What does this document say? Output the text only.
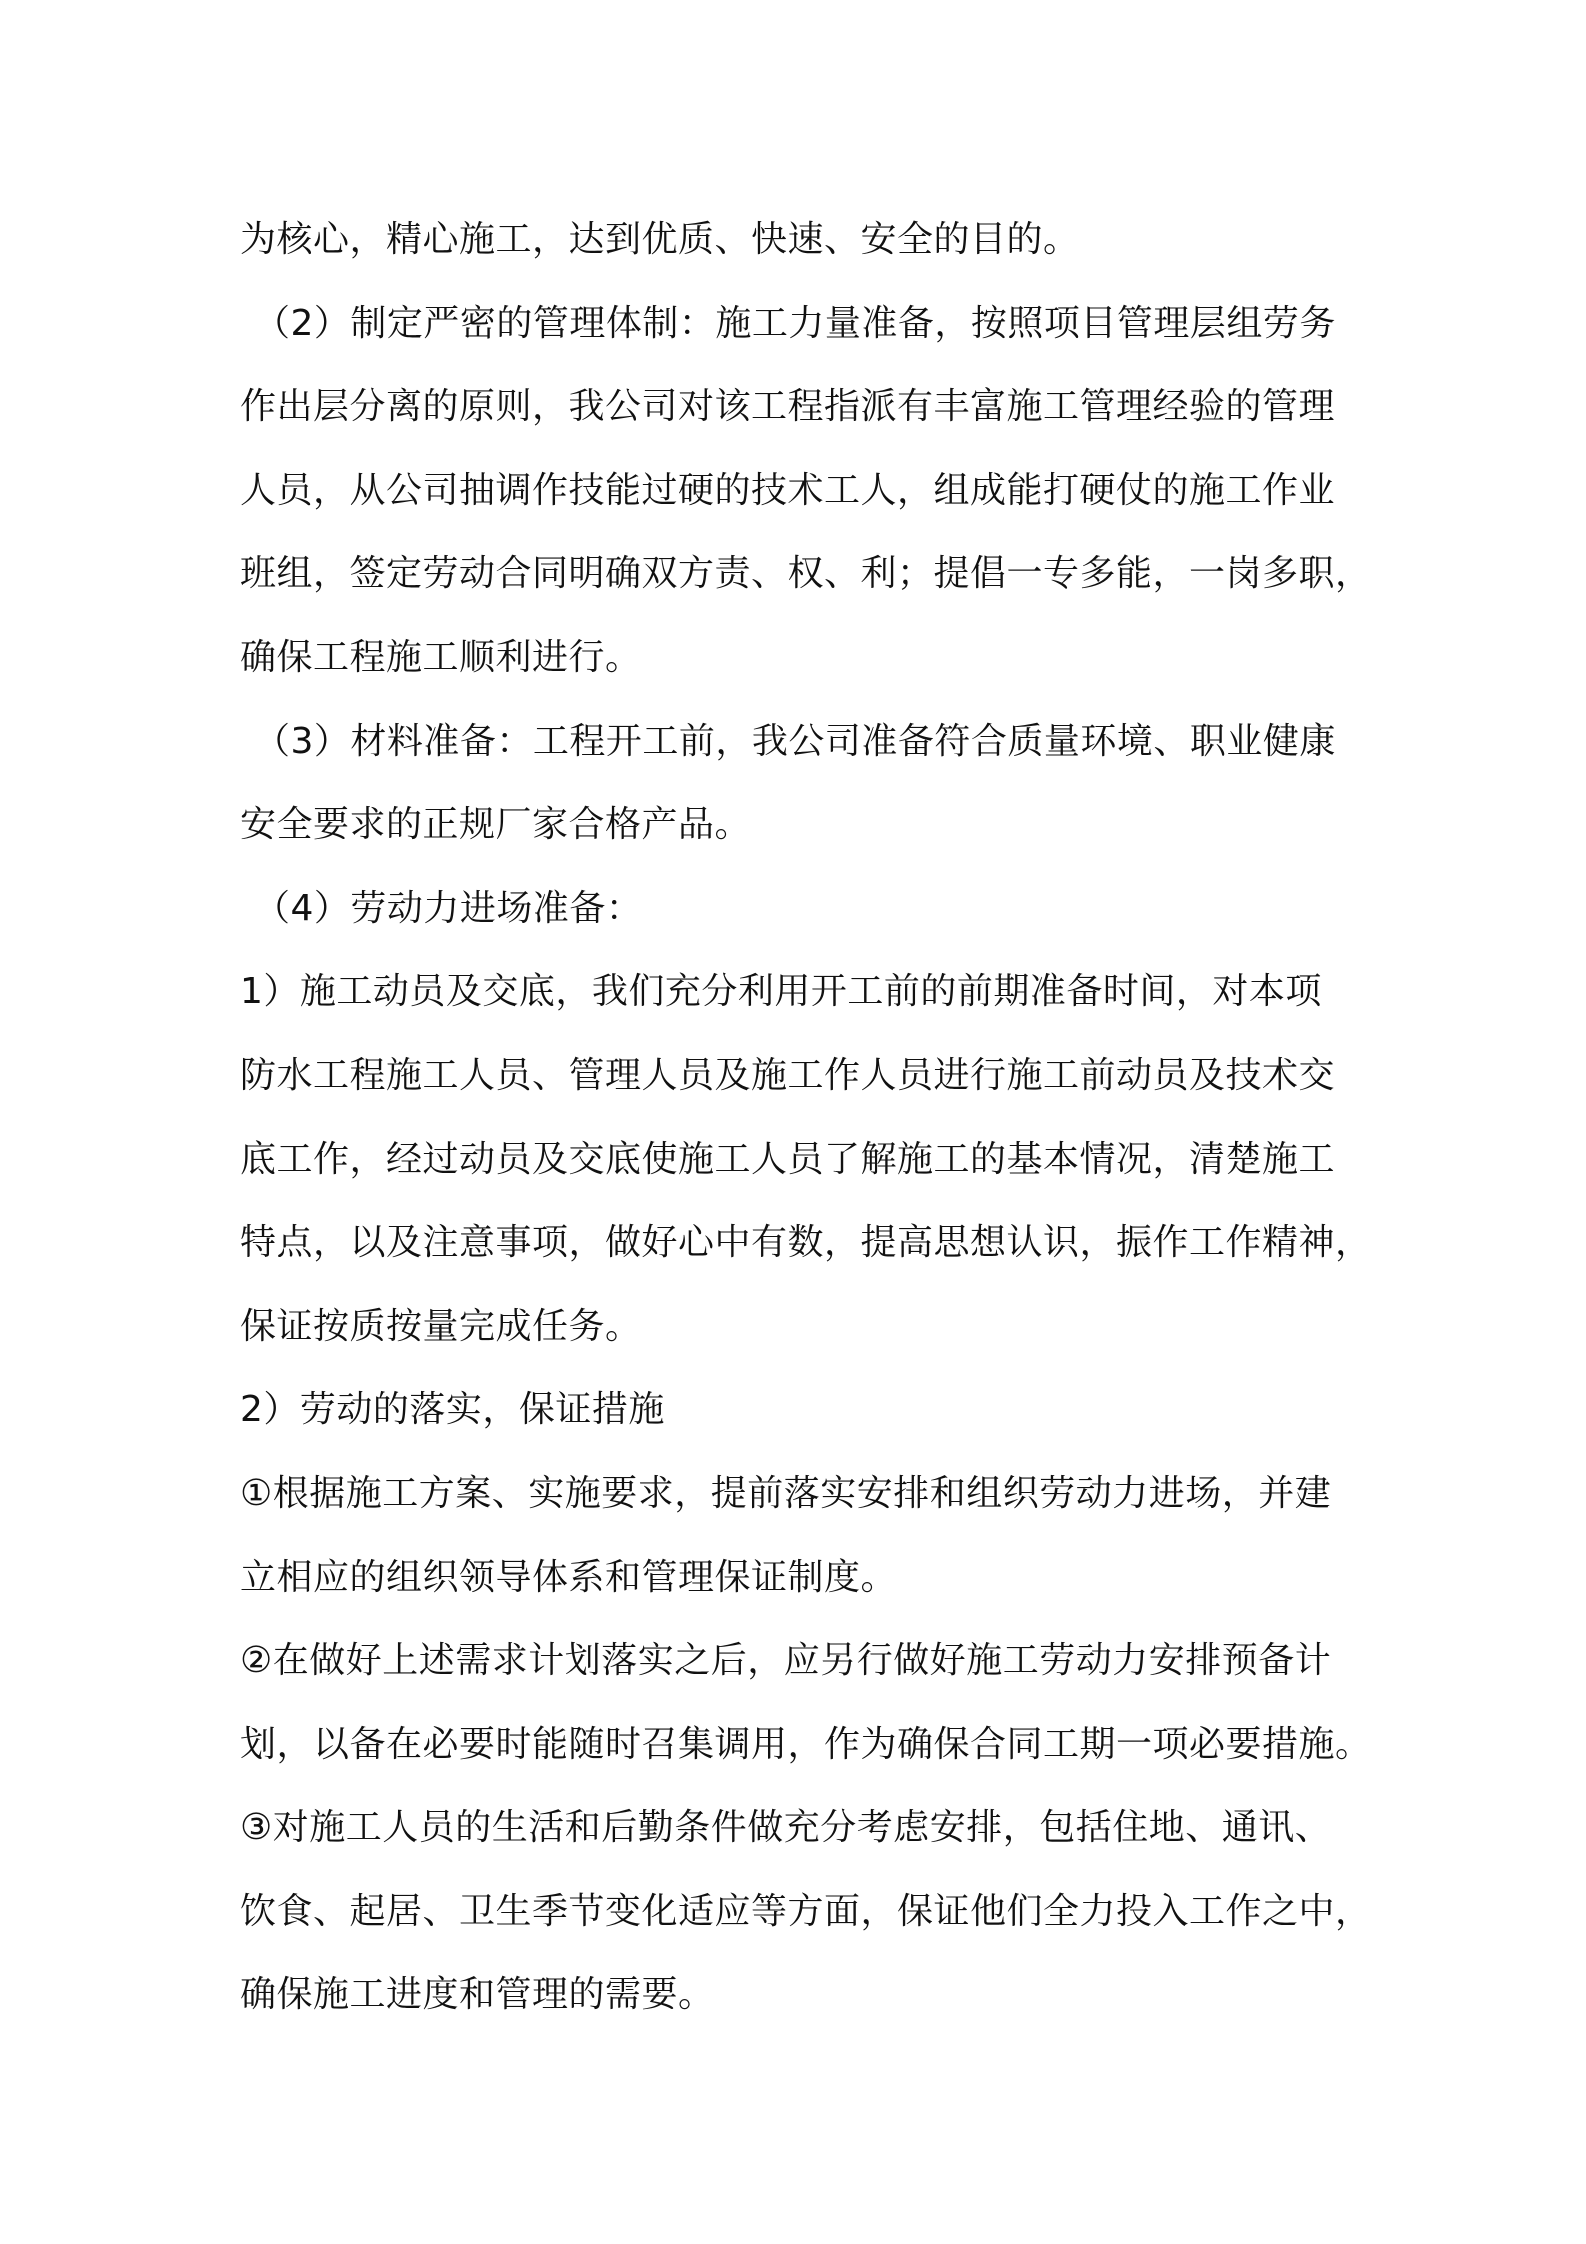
为核心，精心施工，达到优质、快速、安全的目的。
（2）制定严密的管理体制：施工力量准备，按照项目管理层组劳务
作出层分离的原则，我公司对该工程指派有丰富施工管理经验的管理
人员，从公司抽调作技能过硬的技术工人，组成能打硬仗的施工作业
班组，签定劳动合同明确双方责、权、利；提倡一专多能，一岗多职，
确保工程施工顺利进行。
（3）材料准备：工程开工前，我公司准备符合质量环境、职业健康
安全要求的正规厂家合格产品。
（4）劳动力进场准备：
1）施工动员及交底，我们充分利用开工前的前期准备时间，对本项
防水工程施工人员、管理人员及施工作人员进行施工前动员及技术交
底工作，经过动员及交底使施工人员了解施工的基本情况，清楚施工
特点，以及注意事项，做好心中有数，提高思想认识，振作工作精神，
保证按质按量完成任务。
2）劳动的落实，保证措施
①根据施工方案、实施要求，提前落实安排和组织劳动力进场，并建
立相应的组织领导体系和管理保证制度。
②在做好上述需求计划落实之后，应另行做好施工劳动力安排预备计
划，以备在必要时能随时召集调用，作为确保合同工期一项必要措施。
③对施工人员的生活和后勤条件做充分考虑安排，包括住地、通讯、
饮食、起居、卫生季节变化适应等方面，保证他们全力投入工作之中，
确保施工进度和管理的需要。
